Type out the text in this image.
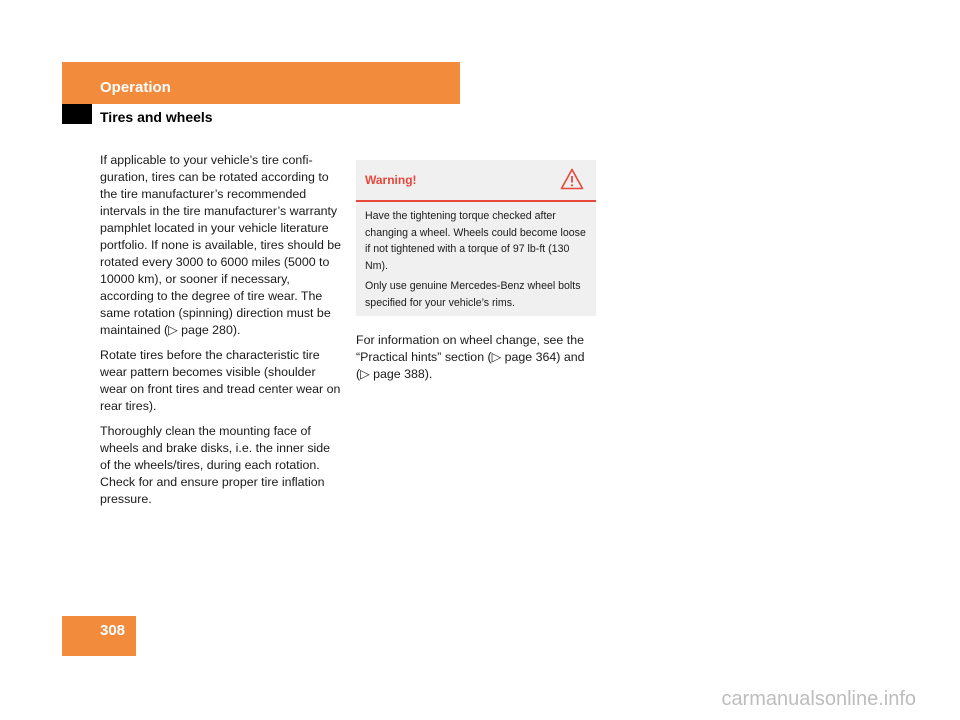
Operation
Tires and wheels

If applicable to your vehicle’s tire confi-guration, tires can be rotated according to the tire manufacturer’s recommended intervals in the tire manufacturer’s warranty pamphlet located in your vehicle literature portfolio. If none is available, tires should be rotated every 3000 to 6000 miles (5000 to 10000 km), or sooner if necessary, according to the degree of tire wear. The same rotation (spinning) direction must be maintained (▷ page 280).

Rotate tires before the characteristic tire wear pattern becomes visible (shoulder wear on front tires and tread center wear on rear tires).

Thoroughly clean the mounting face of wheels and brake disks, i.e. the inner side of the wheels/tires, during each rotation. Check for and ensure proper tire inflation pressure.

Warning!

Have the tightening torque checked after changing a wheel. Wheels could become loose if not tightened with a torque of 97 lb-ft (130 Nm).

Only use genuine Mercedes-Benz wheel bolts specified for your vehicle’s rims.

For information on wheel change, see the “Practical hints” section (▷ page 364) and (▷ page 388).

308
carmanualsonline.info
